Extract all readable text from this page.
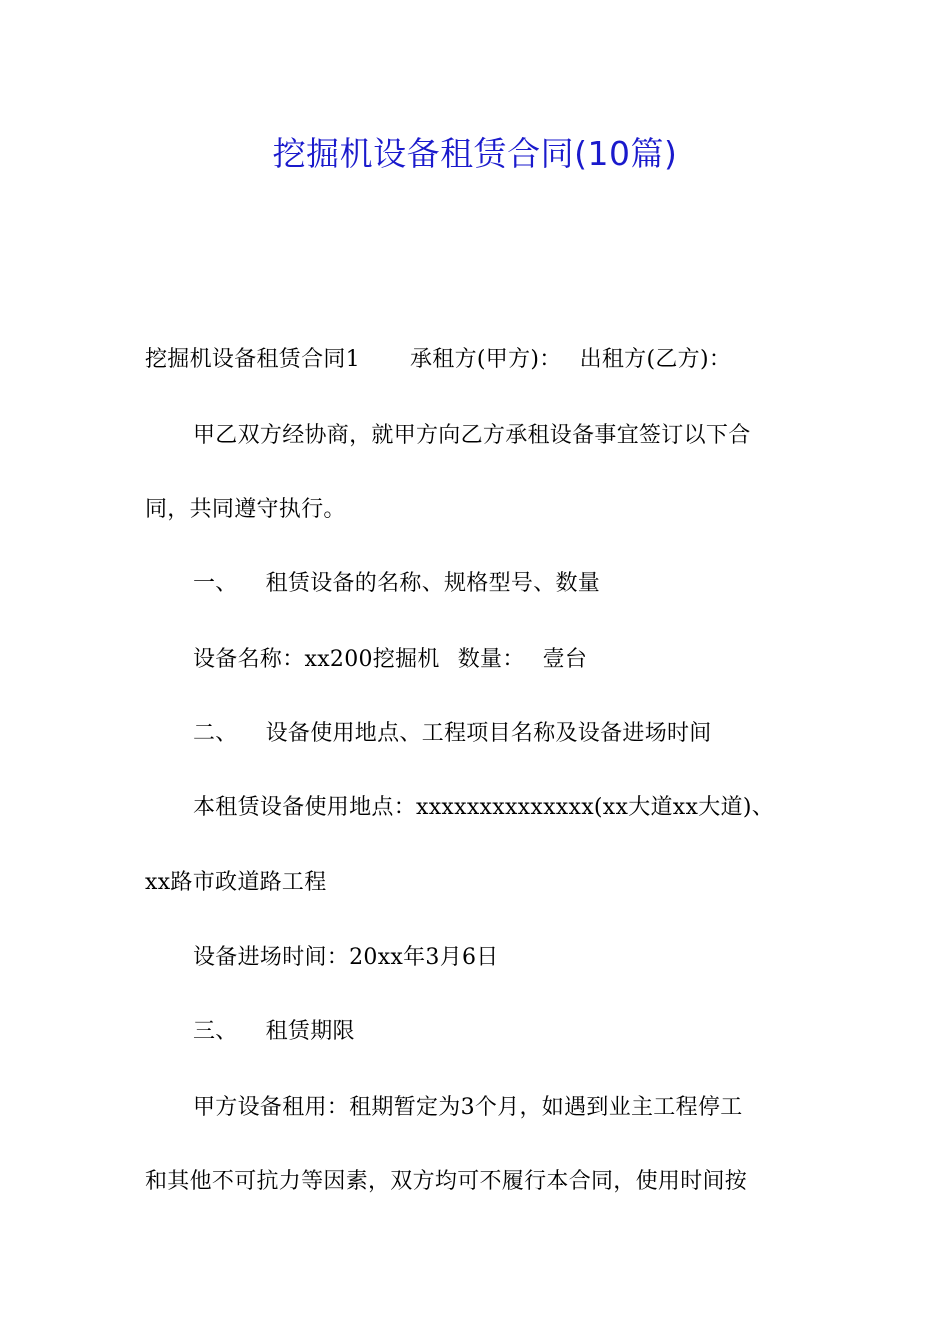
挖掘机设备租赁合同(10篇)
挖掘机设备租赁合同1 承租方(甲方)： 出租方(乙方)：
甲乙双方经协商，就甲方向乙方承租设备事宜签订以下合
同，共同遵守执行。
一、 租赁设备的名称、规格型号、数量
设备名称：xx200挖掘机 数量： 壹台
二、 设备使用地点、工程项目名称及设备进场时间
本租赁设备使用地点：xxxxxxxxxxxxxx(xx大道xx大道)、
xx路市政道路工程
设备进场时间：20xx年3月6日
三、 租赁期限
甲方设备租用：租期暂定为3个月，如遇到业主工程停工
和其他不可抗力等因素，双方均可不履行本合同，使用时间按
